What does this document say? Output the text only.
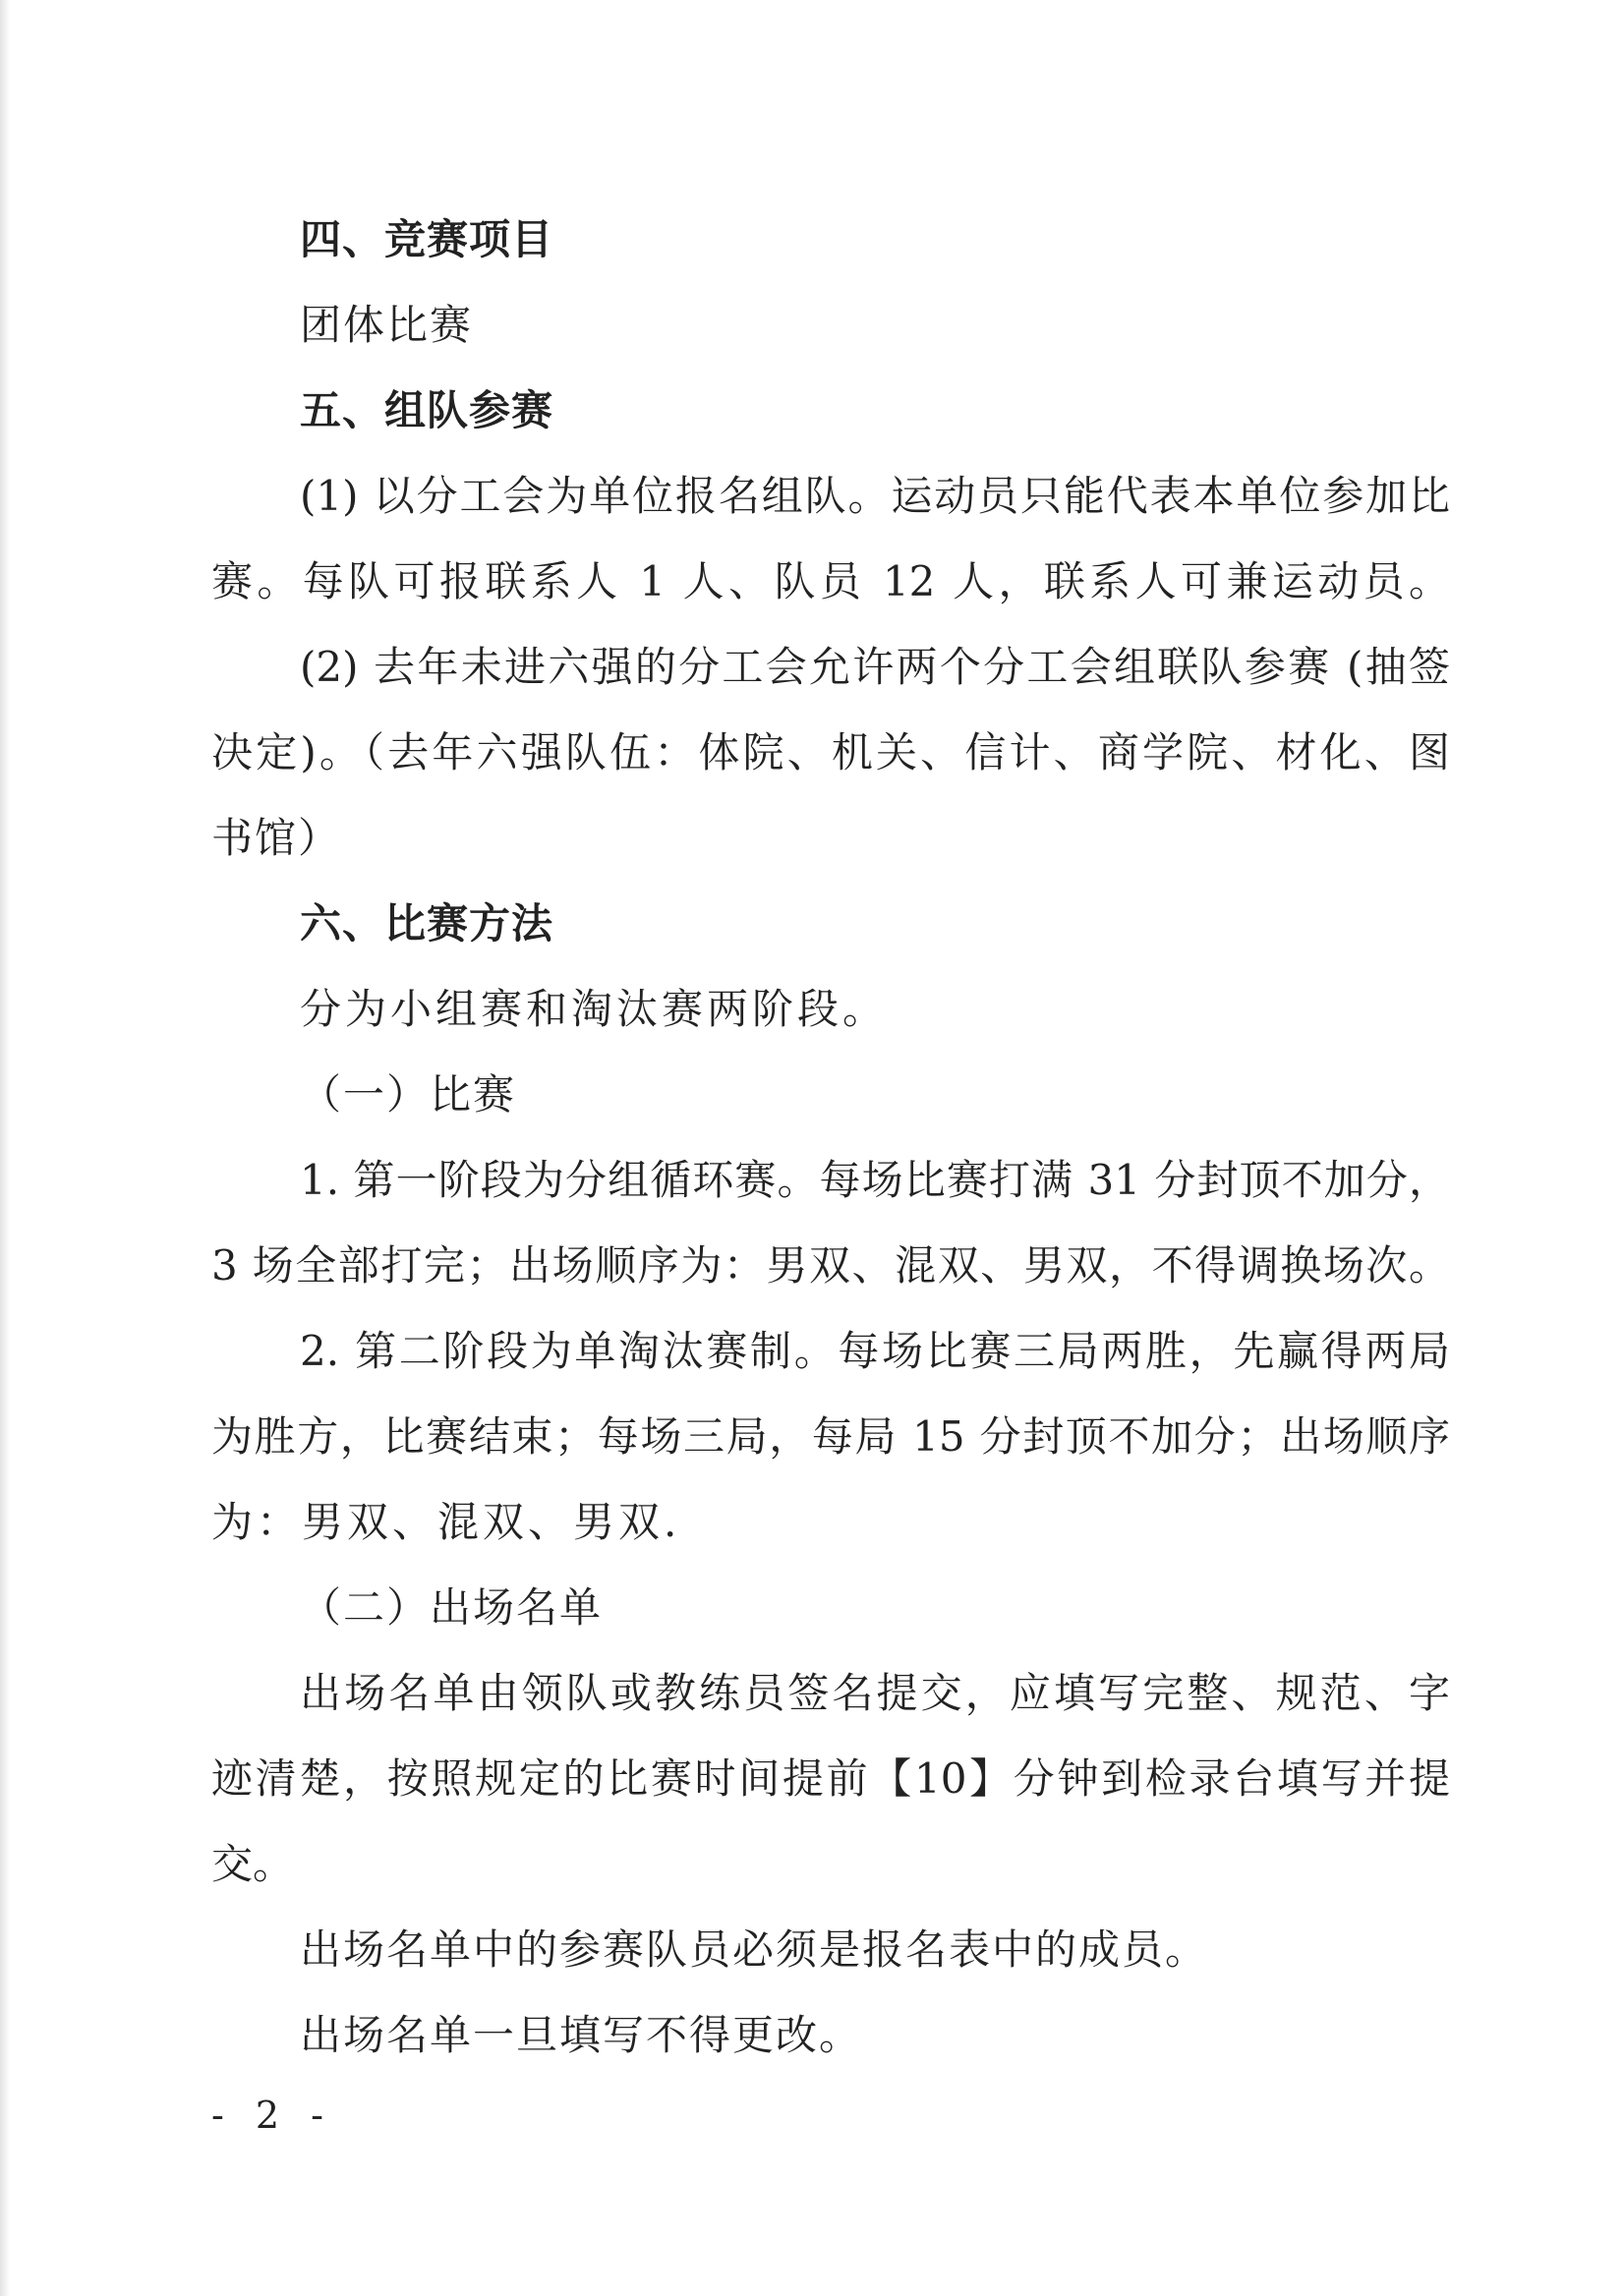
四、竞赛项目
团体比赛
五、组队参赛
(1) 以分工会为单位报名组队。运动员只能代表本单位参加比
赛。每队可报联系人 1 人、队员 12 人，联系人可兼运动员。
(2) 去年未进六强的分工会允许两个分工会组联队参赛 (抽签
决定)。（去年六强队伍：体院、机关、信计、商学院、材化、图
书馆）
六、比赛方法
分为小组赛和淘汰赛两阶段。
（一）比赛
1. 第一阶段为分组循环赛。每场比赛打满 31 分封顶不加分，
3 场全部打完；出场顺序为：男双、混双、男双，不得调换场次。
2. 第二阶段为单淘汰赛制。每场比赛三局两胜，先赢得两局
为胜方，比赛结束；每场三局，每局 15 分封顶不加分；出场顺序
为：男双、混双、男双.
（二）出场名单
出场名单由领队或教练员签名提交，应填写完整、规范、字
迹清楚，按照规定的比赛时间提前【10】分钟到检录台填写并提
交。
出场名单中的参赛队员必须是报名表中的成员。
出场名单一旦填写不得更改。
- 2 -
